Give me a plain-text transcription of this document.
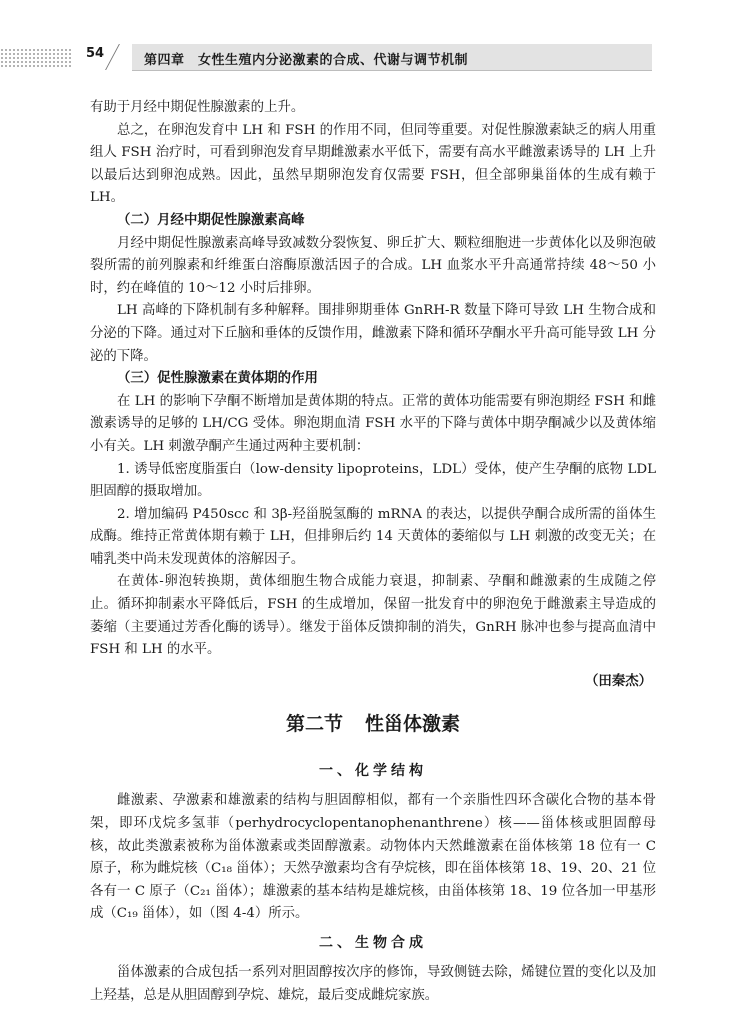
54	第四章　女性生殖内分泌激素的合成、代谢与调节机制

有助于月经中期促性腺激素的上升。

总之，在卵泡发育中 LH 和 FSH 的作用不同，但同等重要。对促性腺激素缺乏的病人用重组人 FSH 治疗时，可看到卵泡发育早期雌激素水平低下，需要有高水平雌激素诱导的 LH 上升以最后达到卵泡成熟。因此，虽然早期卵泡发育仅需要 FSH，但全部卵巢甾体的生成有赖于 LH。

（二）月经中期促性腺激素高峰

月经中期促性腺激素高峰导致减数分裂恢复、卵丘扩大、颗粒细胞进一步黄体化以及卵泡破裂所需的前列腺素和纤维蛋白溶酶原激活因子的合成。LH 血浆水平升高通常持续 48～50 小时，约在峰值的 10～12 小时后排卵。

LH 高峰的下降机制有多种解释。围排卵期垂体 GnRH-R 数量下降可导致 LH 生物合成和分泌的下降。通过对下丘脑和垂体的反馈作用，雌激素下降和循环孕酮水平升高可能导致 LH 分泌的下降。

（三）促性腺激素在黄体期的作用

在 LH 的影响下孕酮不断增加是黄体期的特点。正常的黄体功能需要有卵泡期经 FSH 和雌激素诱导的足够的 LH/CG 受体。卵泡期血清 FSH 水平的下降与黄体中期孕酮减少以及黄体缩小有关。LH 刺激孕酮产生通过两种主要机制：

1. 诱导低密度脂蛋白（low-density lipoproteins，LDL）受体，使产生孕酮的底物 LDL 胆固醇的摄取增加。

2. 增加编码 P450scc 和 3β-羟甾脱氢酶的 mRNA 的表达，以提供孕酮合成所需的甾体生成酶。维持正常黄体期有赖于 LH，但排卵后约 14 天黄体的萎缩似与 LH 刺激的改变无关；在哺乳类中尚未发现黄体的溶解因子。

在黄体-卵泡转换期，黄体细胞生物合成能力衰退，抑制素、孕酮和雌激素的生成随之停止。循环抑制素水平降低后，FSH 的生成增加，保留一批发育中的卵泡免于雌激素主导造成的萎缩（主要通过芳香化酶的诱导）。继发于甾体反馈抑制的消失，GnRH 脉冲也参与提高血清中 FSH 和 LH 的水平。

（田秦杰）
第二节 性甾体激素
一、化学结构

雌激素、孕激素和雄激素的结构与胆固醇相似，都有一个亲脂性四环含碳化合物的基本骨架，即环戊烷多氢菲（perhydrocyclopentanophenanthrene）核——甾体核或胆固醇母核，故此类激素被称为甾体激素或类固醇激素。动物体内天然雌激素在甾体核第 18 位有一 C 原子，称为雌烷核（C₁₈ 甾体）；天然孕激素均含有孕烷核，即在甾体核第 18、19、20、21 位各有一 C 原子（C₂₁ 甾体）；雄激素的基本结构是雄烷核，由甾体核第 18、19 位各加一甲基形成（C₁₉ 甾体），如（图 4-4）所示。

二、生物合成

甾体激素的合成包括一系列对胆固醇按次序的修饰，导致侧链去除，烯键位置的变化以及加上羟基，总是从胆固醇到孕烷、雄烷，最后变成雌烷家族。
